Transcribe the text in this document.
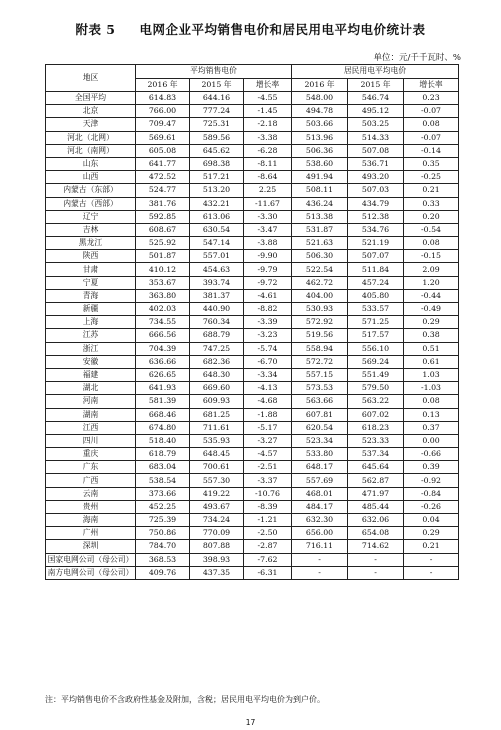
附表 5 电网企业平均销售电价和居民用电平均电价统计表
单位：元/千千瓦时、%
地区	平均销售电价			居民用电平均电价		
	2016 年	2015 年	增长率	2016 年	2015 年	增长率
全国平均	614.83	644.16	-4.55	548.00	546.74	0.23
北京	766.00	777.24	-1.45	494.78	495.12	-0.07
天津	709.47	725.31	-2.18	503.66	503.25	0.08
河北（北网）	569.61	589.56	-3.38	513.96	514.33	-0.07
河北（南网）	605.08	645.62	-6.28	506.36	507.08	-0.14
山东	641.77	698.38	-8.11	538.60	536.71	0.35
山西	472.52	517.21	-8.64	491.94	493.20	-0.25
内蒙古（东部）	524.77	513.20	2.25	508.11	507.03	0.21
内蒙古（西部）	381.76	432.21	-11.67	436.24	434.79	0.33
辽宁	592.85	613.06	-3.30	513.38	512.38	0.20
吉林	608.67	630.54	-3.47	531.87	534.76	-0.54
黑龙江	525.92	547.14	-3.88	521.63	521.19	0.08
陕西	501.87	557.01	-9.90	506.30	507.07	-0.15
甘肃	410.12	454.63	-9.79	522.54	511.84	2.09
宁夏	353.67	393.74	-9.72	462.72	457.24	1.20
青海	363.80	381.37	-4.61	404.00	405.80	-0.44
新疆	402.03	440.90	-8.82	530.93	533.57	-0.49
上海	734.55	760.34	-3.39	572.92	571.25	0.29
江苏	666.56	688.79	-3.23	519.56	517.57	0.38
浙江	704.39	747.25	-5.74	558.94	556.10	0.51
安徽	636.66	682.36	-6.70	572.72	569.24	0.61
福建	626.65	648.30	-3.34	557.15	551.49	1.03
湖北	641.93	669.60	-4.13	573.53	579.50	-1.03
河南	581.39	609.93	-4.68	563.66	563.22	0.08
湖南	668.46	681.25	-1.88	607.81	607.02	0.13
江西	674.80	711.61	-5.17	620.54	618.23	0.37
四川	518.40	535.93	-3.27	523.34	523.33	0.00
重庆	618.79	648.45	-4.57	533.80	537.34	-0.66
广东	683.04	700.61	-2.51	648.17	645.64	0.39
广西	538.54	557.30	-3.37	557.69	562.87	-0.92
云南	373.66	419.22	-10.76	468.01	471.97	-0.84
贵州	452.25	493.67	-8.39	484.17	485.44	-0.26
海南	725.39	734.24	-1.21	632.30	632.06	0.04
广州	750.86	770.09	-2.50	656.00	654.08	0.29
深圳	784.70	807.88	-2.87	716.11	714.62	0.21
国家电网公司（母公司）	368.53	398.93	-7.62	-	-	-
南方电网公司（母公司）	409.76	437.35	-6.31	-	-	-
注：平均销售电价不含政府性基金及附加，含税；居民用电平均电价为到户价。
17
